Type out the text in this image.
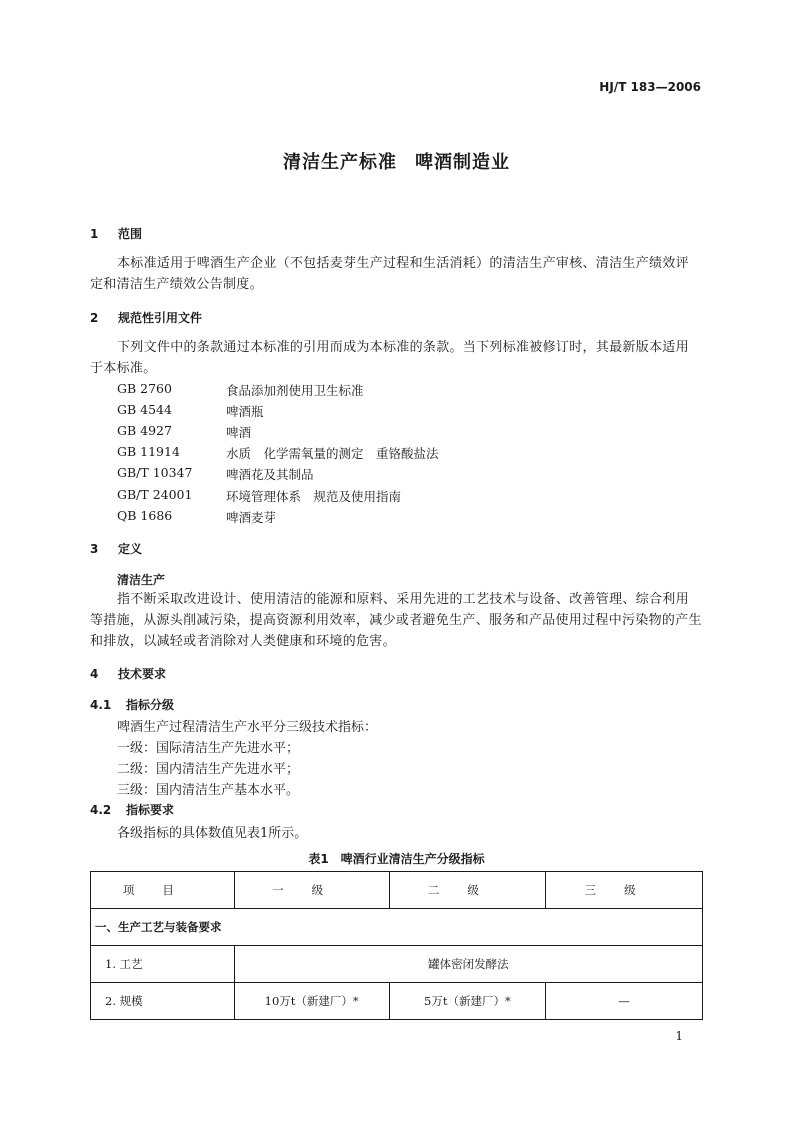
HJ/T 183—2006
清洁生产标准 啤酒制造业
1 范围
本标准适用于啤酒生产企业（不包括麦芽生产过程和生活消耗）的清洁生产审核、清洁生产绩效评定和清洁生产绩效公告制度。
2 规范性引用文件
下列文件中的条款通过本标准的引用而成为本标准的条款。当下列标准被修订时，其最新版本适用于本标准。
GB 2760	食品添加剂使用卫生标准
GB 4544	啤酒瓶
GB 4927	啤酒
GB 11914	水质　化学需氧量的测定　重铬酸盐法
GB/T 10347	啤酒花及其制品
GB/T 24001	环境管理体系　规范及使用指南
QB 1686	啤酒麦芽
3 定义
清洁生产
指不断采取改进设计、使用清洁的能源和原料、采用先进的工艺技术与设备、改善管理、综合利用等措施，从源头削减污染，提高资源利用效率，减少或者避免生产、服务和产品使用过程中污染物的产生和排放，以减轻或者消除对人类健康和环境的危害。
4 技术要求
4.1 指标分级
啤酒生产过程清洁生产水平分三级技术指标：
一级：国际清洁生产先进水平；
二级：国内清洁生产先进水平；
三级：国内清洁生产基本水平。
4.2 指标要求
各级指标的具体数值见表1所示。
表1 啤酒行业清洁生产分级指标
项目	一级	二级	三级
一、生产工艺与装备要求			
1. 工艺	罐体密闭发酵法		
2. 规模	10万t（新建厂）*	5万t（新建厂）*	—
1
